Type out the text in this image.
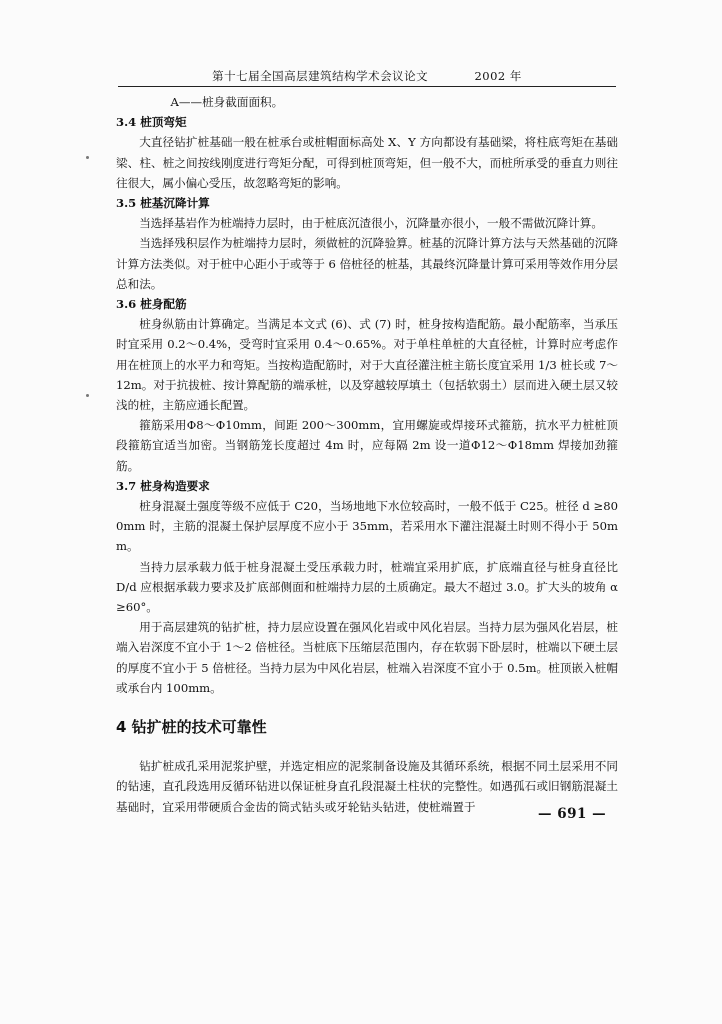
第十七届全国高层建筑结构学术会议论文	2002 年

A——桩身截面面积。

3.4 桩顶弯矩

大直径钻扩桩基础一般在桩承台或桩帽面标高处 X、Y 方向都设有基础梁，将柱底弯矩在基础梁、柱、桩之间按线刚度进行弯矩分配，可得到桩顶弯矩，但一般不大，而桩所承受的垂直力则往往很大，属小偏心受压，故忽略弯矩的影响。

3.5 桩基沉降计算

当选择基岩作为桩端持力层时，由于桩底沉渣很小，沉降量亦很小，一般不需做沉降计算。

当选择残积层作为桩端持力层时，须做桩的沉降验算。桩基的沉降计算方法与天然基础的沉降计算方法类似。对于桩中心距小于或等于 6 倍桩径的桩基，其最终沉降量计算可采用等效作用分层总和法。

3.6 桩身配筋

桩身纵筋由计算确定。当满足本文式 (6)、式 (7) 时，桩身按构造配筋。最小配筋率，当承压时宜采用 0.2～0.4%，受弯时宜采用 0.4～0.65%。对于单柱单桩的大直径桩，计算时应考虑作用在桩顶上的水平力和弯矩。当按构造配筋时，对于大直径灌注桩主筋长度宜采用 1/3 桩长或 7～12m。对于抗拔桩、按计算配筋的端承桩，以及穿越较厚填土（包括软弱土）层而进入硬土层又较浅的桩，主筋应通长配置。

箍筋采用Φ8～Φ10mm，间距 200～300mm，宜用螺旋或焊接环式箍筋，抗水平力桩桩顶段箍筋宜适当加密。当钢筋笼长度超过 4m 时，应每隔 2m 设一道Φ12～Φ18mm 焊接加劲箍筋。

3.7 桩身构造要求

桩身混凝土强度等级不应低于 C20，当场地地下水位较高时，一般不低于 C25。桩径 d ≥800mm 时，主筋的混凝土保护层厚度不应小于 35mm，若采用水下灌注混凝土时则不得小于 50mm。

当持力层承载力低于桩身混凝土受压承载力时，桩端宜采用扩底，扩底端直径与桩身直径比 D/d 应根据承载力要求及扩底部侧面和桩端持力层的土质确定。最大不超过 3.0。扩大头的坡角 α ≥60°。

用于高层建筑的钻扩桩，持力层应设置在强风化岩或中风化岩层。当持力层为强风化岩层，桩端入岩深度不宜小于 1～2 倍桩径。当桩底下压缩层范围内，存在软弱下卧层时，桩端以下硬土层的厚度不宜小于 5 倍桩径。当持力层为中风化岩层，桩端入岩深度不宜小于 0.5m。桩顶嵌入桩帽或承台内 100mm。

4 钻扩桩的技术可靠性

钻扩桩成孔采用泥浆护壁，并选定相应的泥浆制备设施及其循环系统，根据不同土层采用不同的钻速，直孔段选用反循环钻进以保证桩身直孔段混凝土柱状的完整性。如遇孤石或旧钢筋混凝土基础时，宜采用带硬质合金齿的筒式钻头或牙轮钻头钻进，使桩端置于	— 691 —
